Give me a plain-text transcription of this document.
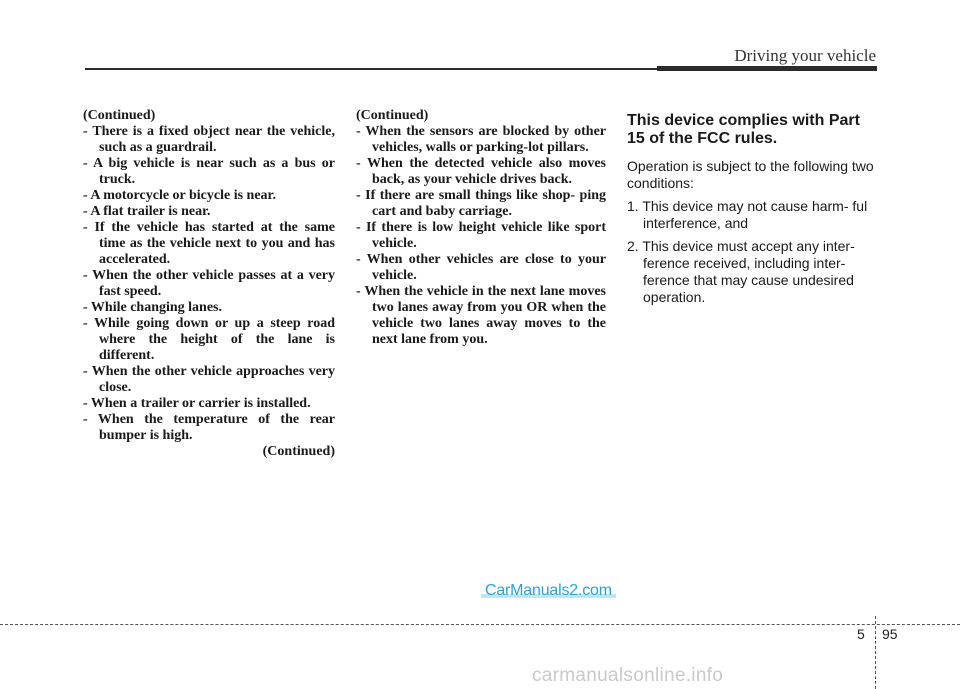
Driving your vehicle
(Continued)
- There is a fixed object near the vehicle, such as a guardrail.
- A big vehicle is near such as a bus or truck.
- A motorcycle or bicycle is near.
- A flat trailer is near.
- If the vehicle has started at the same time as the vehicle next to you and has accelerated.
- When the other vehicle passes at a very fast speed.
- While changing lanes.
- While going down or up a steep road where the height of the lane is different.
- When the other vehicle approaches very close.
- When a trailer or carrier is installed.
- When the temperature of the rear bumper is high.
(Continued)
(Continued)
- When the sensors are blocked by other vehicles, walls or parking-lot pillars.
- When the detected vehicle also moves back, as your vehicle drives back.
- If there are small things like shop- ping cart and baby carriage.
- If there is low height vehicle like sport vehicle.
- When other vehicles are close to your vehicle.
- When the vehicle in the next lane moves two lanes away from you OR when the vehicle two lanes away moves to the next lane from you.
This device complies with Part 15 of the FCC rules.
Operation is subject to the following two conditions:
1. This device may not cause harm- ful interference, and
2. This device must accept any inter- ference received, including inter- ference that may cause undesired operation.
CarManuals2.com
5 95
carmanualsonline.info
